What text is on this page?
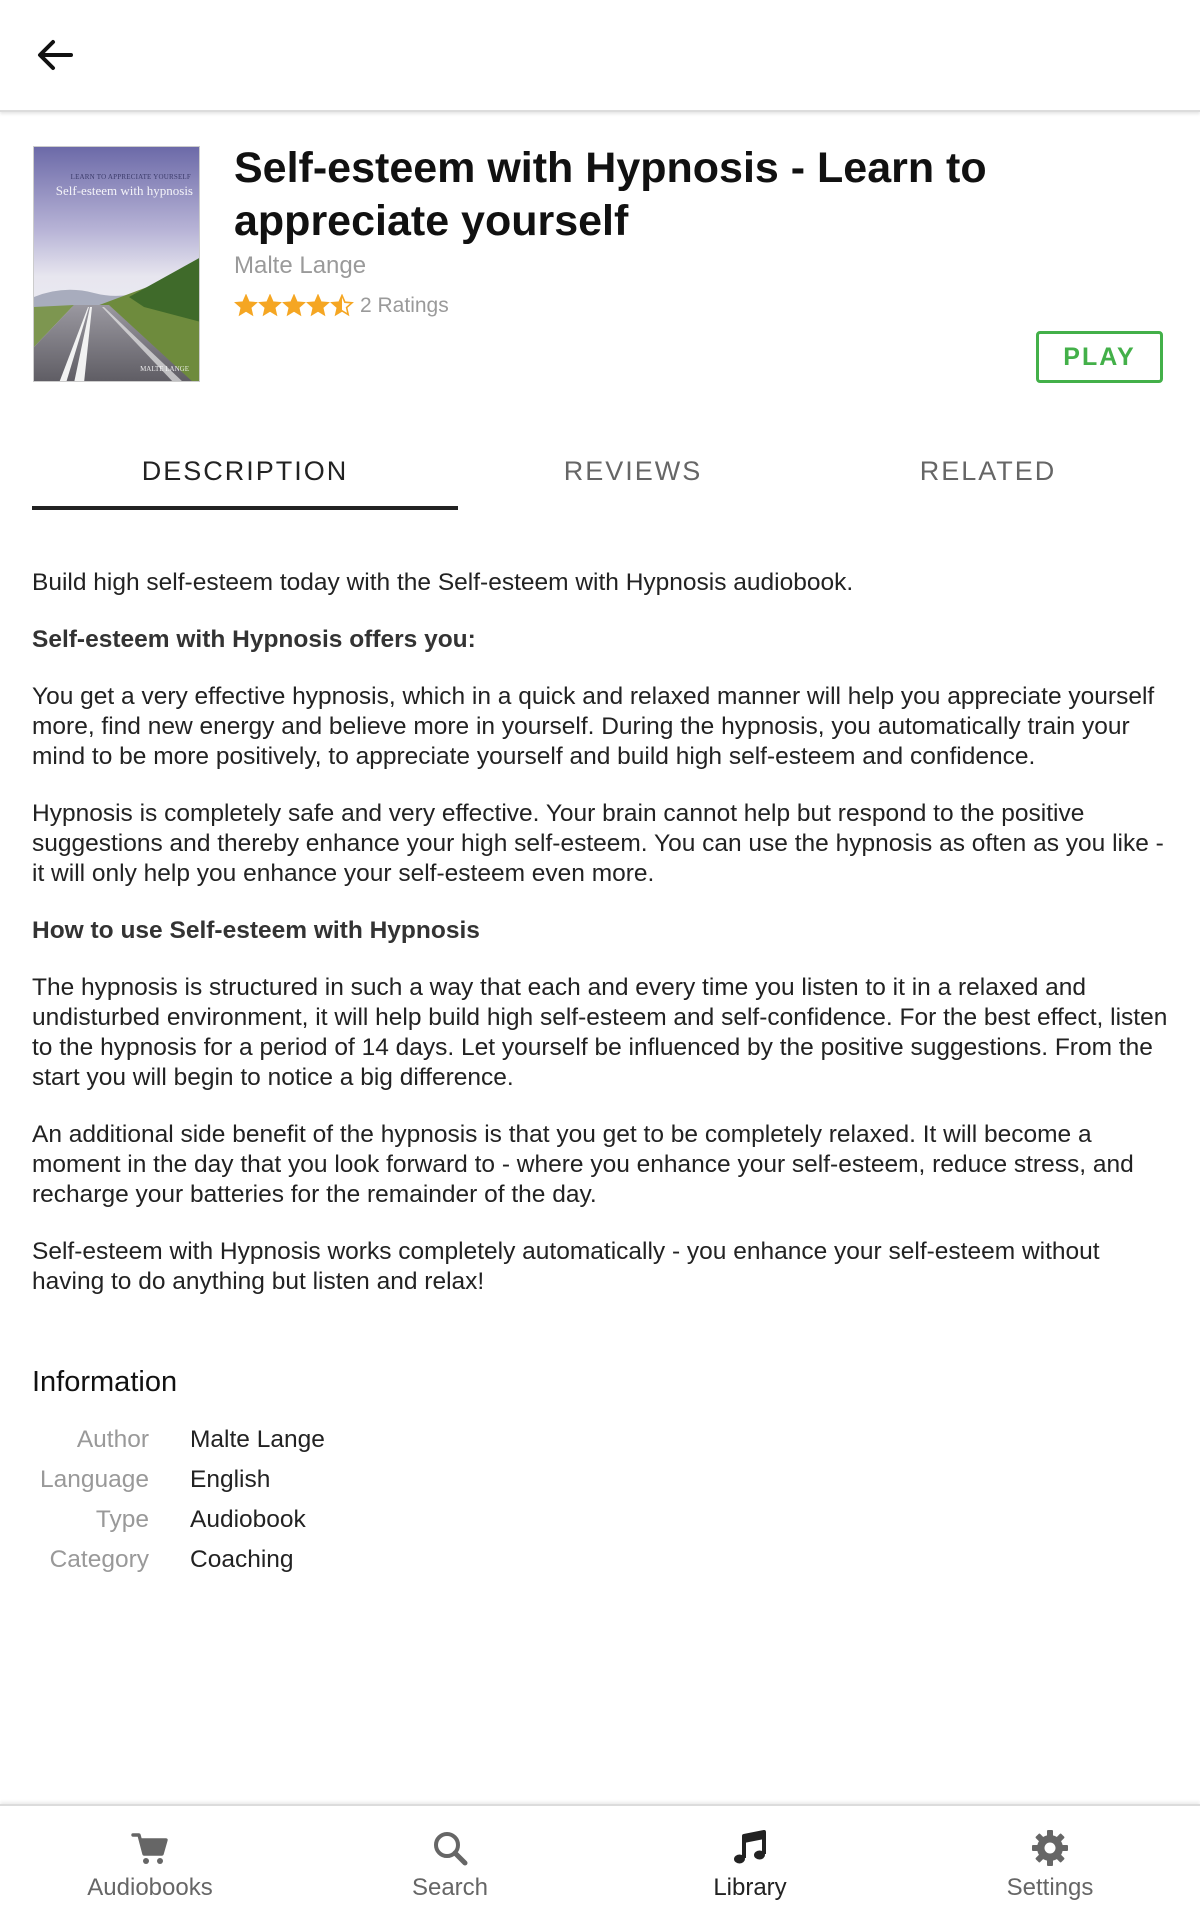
LEARN TO APPRECIATE YOURSELF
Self-esteem with hypnosis
MALTE LANGE
Self-esteem with Hypnosis - Learn to appreciate yourself
Malte Lange
2 Ratings
PLAY
DESCRIPTION	REVIEWS	RELATED

Build high self-esteem today with the Self-esteem with Hypnosis audiobook.

Self-esteem with Hypnosis offers you:

You get a very effective hypnosis, which in a quick and relaxed manner will help you appreciate yourself more, find new energy and believe more in yourself. During the hypnosis, you automatically train your mind to be more positively, to appreciate yourself and build high self-esteem and confidence.

Hypnosis is completely safe and very effective. Your brain cannot help but respond to the positive suggestions and thereby enhance your high self-esteem. You can use the hypnosis as often as you like - it will only help you enhance your self-esteem even more.

How to use Self-esteem with Hypnosis

The hypnosis is structured in such a way that each and every time you listen to it in a relaxed and undisturbed environment, it will help build high self-esteem and self-confidence. For the best effect, listen to the hypnosis for a period of 14 days. Let yourself be influenced by the positive suggestions. From the start you will begin to notice a big difference.

An additional side benefit of the hypnosis is that you get to be completely relaxed. It will become a moment in the day that you look forward to - where you enhance your self-esteem, reduce stress, and recharge your batteries for the remainder of the day.

Self-esteem with Hypnosis works completely automatically - you enhance your self-esteem without having to do anything but listen and relax!

Information
Author Malte Lange
Language English
Type Audiobook
Category Coaching
Audiobooks	Search	Library	Settings
